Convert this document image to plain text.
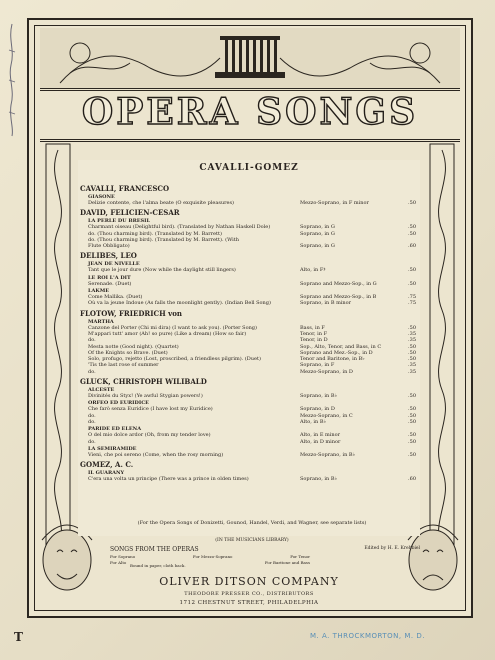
OPERA SONGS
CAVALLI-GOMEZ
CAVALLI, FRANCESCO
GIASONE
Delizie contente, che l'alma beate (O exquisite pleasures)	Mezzo-Soprano, in F minor	.50
DAVID, FELICIEN-CESAR
LA PERLE DU BRESIL
Charmant oiseau (Delightful bird). (Translated by Nathan Haskell Dole)	Soprano, in G	.50
do. (Thou charming bird). (Translated by M. Barrett)	Soprano, in G	.50
do. (Thou charming bird). (Translated by M. Barrett). (With
Flute Obbligato)	Soprano, in G	.60
DELIBES, LEO
JEAN DE NIVELLE
Tant que le jour dure (Now while the daylight still lingers)	Alto, in F♯	.50
LE ROI L'A DIT
Serenade. (Duet)	Soprano and Mezzo-Sop., in G	.50
LAKME
Come Mallika. (Duet)	Soprano and Mezzo-Sop., in B	.75
Où va la jeune Indoue (As falls the moonlight gently). (Indian Bell Song)	Soprano, in B minor	.75
FLOTOW, FRIEDRICH von
MARTHA
Canzone del Porter (Chi mi dira) (I want to ask you). (Porter Song)	Bass, in F	.50
M'appari tutt' amor (Ah! so pure) (Like a dream) (How so fair)	Tenor, in F	.35
do.	Tenor, in D	.35
Mesta notte (Good night). (Quartet)	Sop., Alto, Tenor, and Bass, in C	.50
Of the Knights so Brave. (Duet)	Soprano and Mez.-Sop., in D	.50
Solo, profugo, rejetto (Lost, proscribed, a friendless pilgrim). (Duet)	Tenor and Baritone, in B♭	.50
'Tis the last rose of summer	Soprano, in F	.35
do.	Mezzo-Soprano, in D	.35
GLUCK, CHRISTOPH WILIBALD
ALCESTE
Divinités du Styx! (Ye awful Stygian powers!)	Soprano, in B♭	.50
ORFEO ED EURIDICE
Che farò senza Euridice (I have lost my Euridice)	Soprano, in D	.50
do.	Mezzo-Soprano, in C	.50
do.	Alto, in B♭	.50
PARIDE ED ELENA
O del mio dolce ardor (Oh, from my tender love)	Alto, in E minor	.50
do.	Alto, in D minor	.50
LA SEMIRAMIDE
Vieni, che poi sereno (Come, when the rosy morning)	Mezzo-Soprano, in B♭	.50
GOMEZ, A. C.
IL GUARANY
C'era una volta un principe (There was a prince in olden times)	Soprano, in B♭	.60
(For the Opera Songs of Donizetti, Gounod, Handel, Verdi, and Wagner, see separate lists)
(IN THE MUSICIANS LIBRARY)
SONGS FROM THE OPERAS
For Soprano	For Mezzo-Soprano	For Tenor
For Alto	For Baritone and Bass
Edited by H. E. Krehbiel
Bound in paper, cloth back.
OLIVER DITSON COMPANY
THEODORE PRESSER CO., DISTRIBUTORS
1712 CHESTNUT STREET, PHILADELPHIA
T	M. A. THROCKMORTON, M. D.
